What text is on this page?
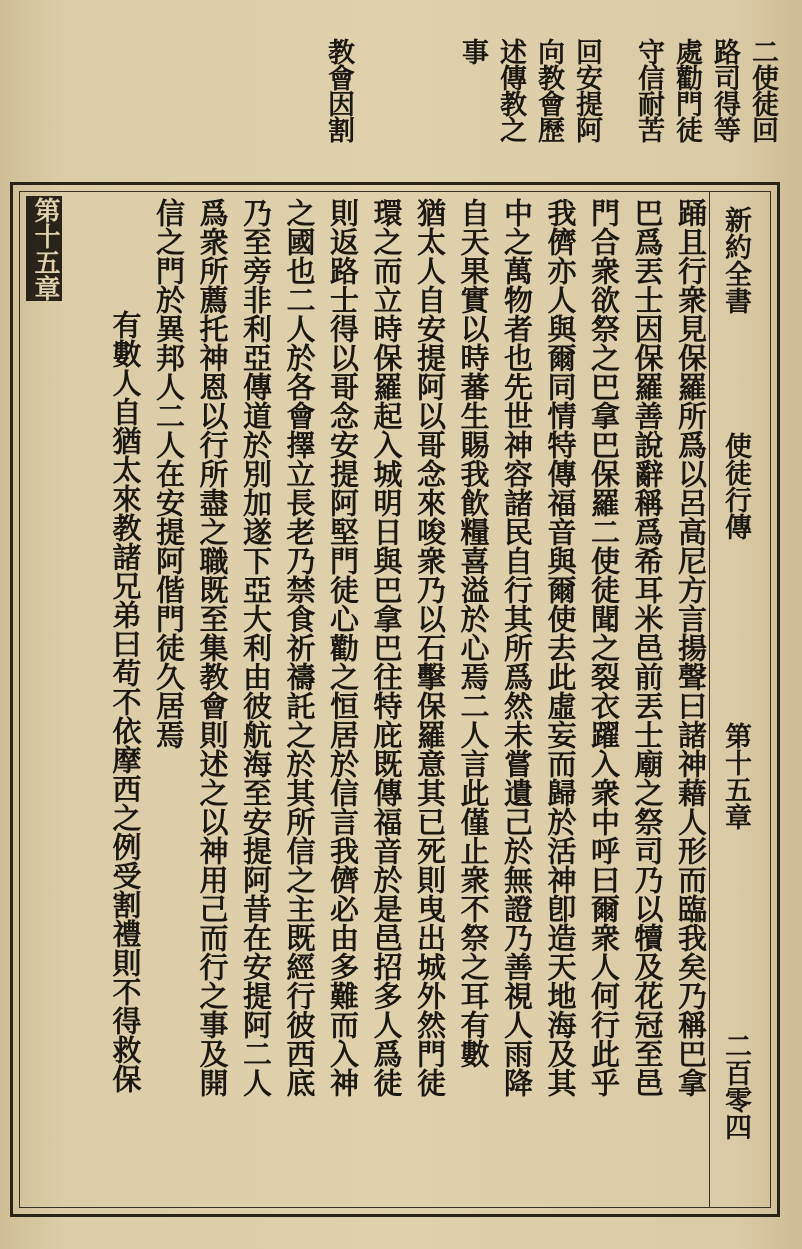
二使徒回
路司得等
處勸門徒
守信耐苦
回安提阿
向教會歷
述傳教之
事
教會因割
新約全書
使徒行傳
第十五章
二百零四
踊且行衆見保羅所爲以呂高尼方言揚聲曰諸神藉人形而臨我矣乃稱巴拿
巴爲丟士因保羅善說辭稱爲希耳米邑前丟士廟之祭司乃以犢及花冠至邑
門合衆欲祭之巴拿巴保羅二使徒聞之裂衣躍入衆中呼曰爾衆人何行此乎
我儕亦人與爾同情特傳福音與爾使去此虛妄而歸於活神卽造天地海及其
中之萬物者也先世神容諸民自行其所爲然未嘗遺己於無證乃善視人雨降
自天果實以時蕃生賜我飮糧喜溢於心焉二人言此僅止衆不祭之耳有數
猶太人自安提阿以哥念來唆衆乃以石擊保羅意其已死則曳出城外然門徒
環之而立時保羅起入城明日與巴拿巴往特庇既傳福音於是邑招多人爲徒
則返路士得以哥念安提阿堅門徒心勸之恒居於信言我儕必由多難而入神
之國也二人於各會擇立長老乃禁食祈禱託之於其所信之主既經行彼西底
乃至旁非利亞傳道於別加遂下亞大利由彼航海至安提阿昔在安提阿二人
爲衆所薦托神恩以行所盡之職既至集教會則述之以神用己而行之事及開
信之門於異邦人二人在安提阿偕門徒久居焉
有數人自猶太來教諸兄弟曰苟不依摩西之例受割禮則不得救保
第十五章
